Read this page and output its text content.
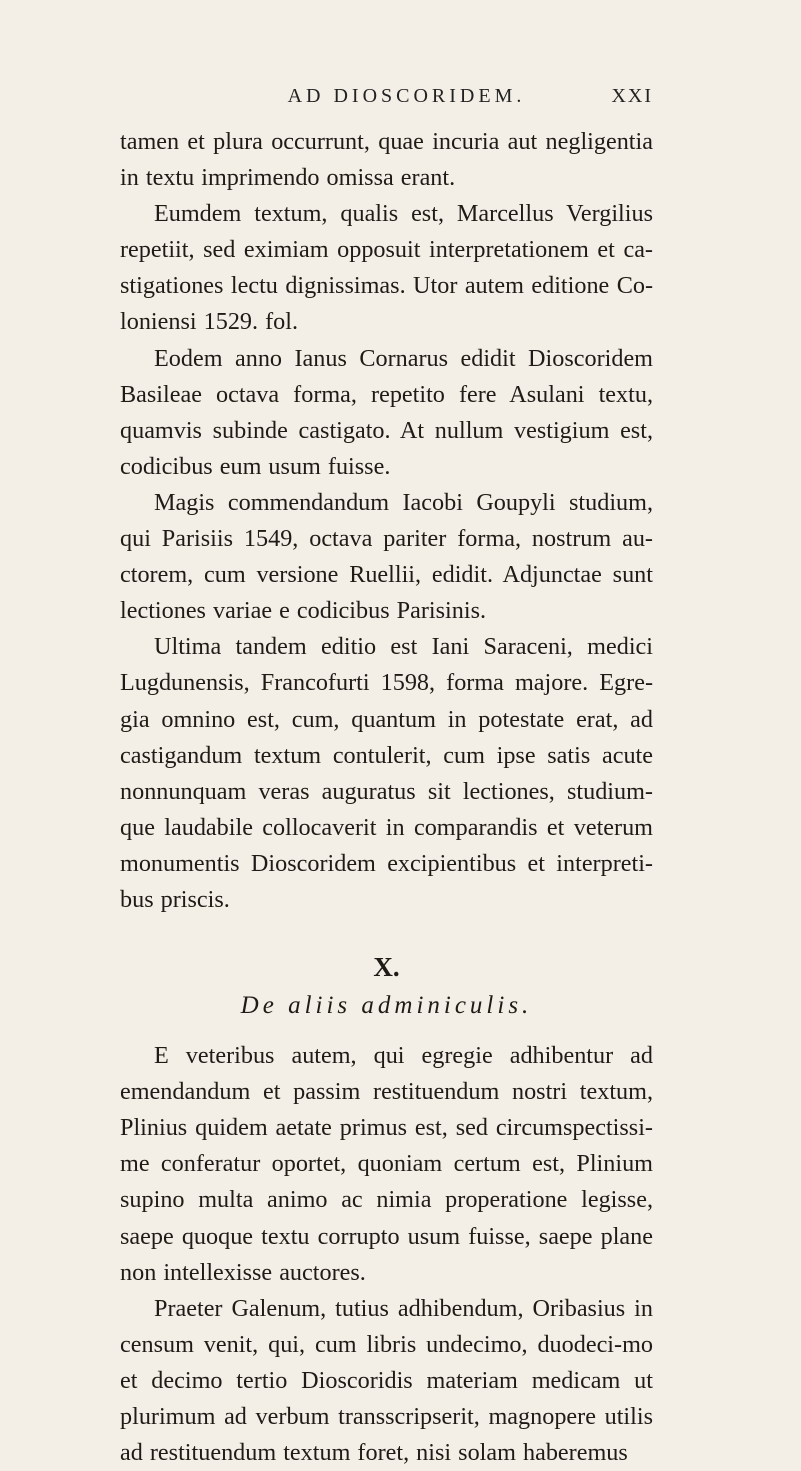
AD DIOSCORIDEM.	XXI

tamen et plura occurrunt, quae incuria aut negligentia in textu imprimendo omissa erant.

Eumdem textum, qualis est, Marcellus Vergilius repetiit, sed eximiam opposuit interpretationem et ca-stigationes lectu dignissimas. Utor autem editione Co-loniensi 1529. fol.

Eodem anno Ianus Cornarus edidit Dioscoridem Basileae octava forma, repetito fere Asulani textu, quamvis subinde castigato. At nullum vestigium est, codicibus eum usum fuisse.

Magis commendandum Iacobi Goupyli studium, qui Parisiis 1549, octava pariter forma, nostrum au-ctorem, cum versione Ruellii, edidit. Adjunctae sunt lectiones variae e codicibus Parisinis.

Ultima tandem editio est Iani Saraceni, medici Lugdunensis, Francofurti 1598, forma majore. Egre-gia omnino est, cum, quantum in potestate erat, ad castigandum textum contulerit, cum ipse satis acute nonnunquam veras auguratus sit lectiones, studium-que laudabile collocaverit in comparandis et veterum monumentis Dioscoridem excipientibus et interpreti-bus priscis.

X.
De aliis adminiculis.

E veteribus autem, qui egregie adhibentur ad emendandum et passim restituendum nostri textum, Plinius quidem aetate primus est, sed circumspectissi-me conferatur oportet, quoniam certum est, Plinium supino multa animo ac nimia properatione legisse, saepe quoque textu corrupto usum fuisse, saepe plane non intellexisse auctores.

Praeter Galenum, tutius adhibendum, Oribasius in censum venit, qui, cum libris undecimo, duodeci-mo et decimo tertio Dioscoridis materiam medicam ut plurimum ad verbum transscripserit, magnopere utilis ad restituendum textum foret, nisi solam haberemus
